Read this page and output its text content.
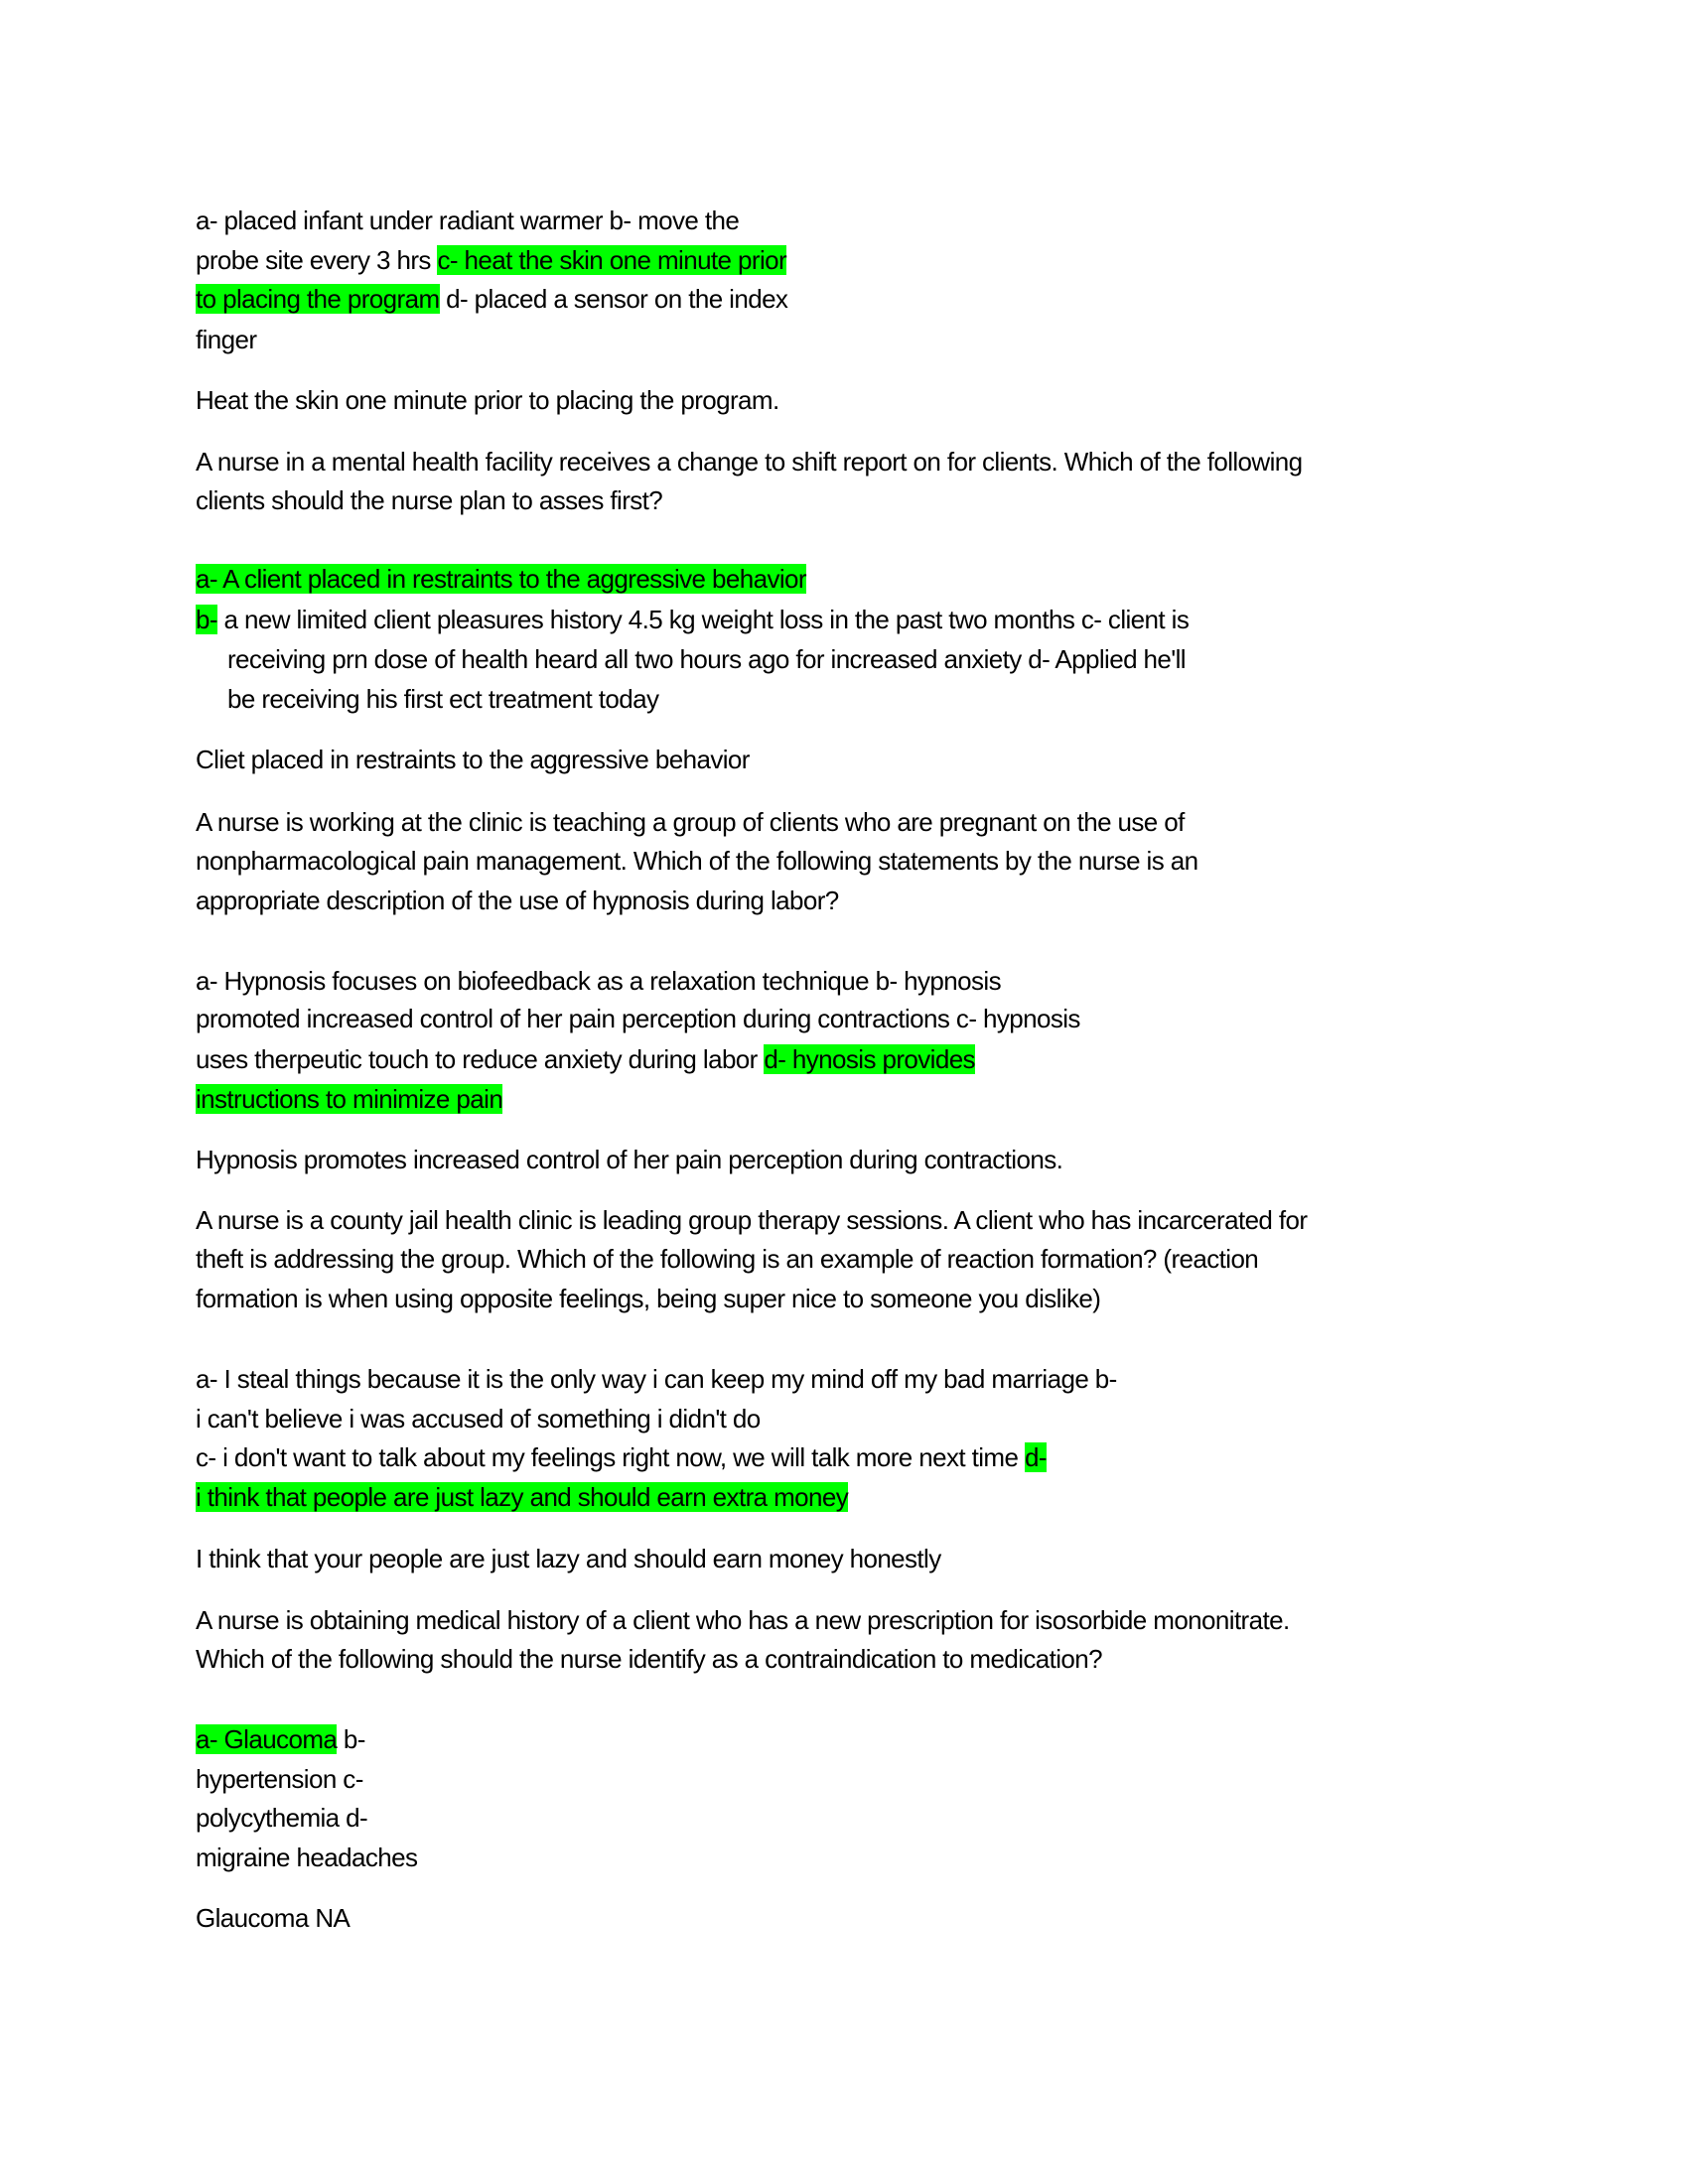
a- placed infant under radiant warmer b- move the
probe site every 3 hrs c- heat the skin one minute prior
to placing the program d- placed a sensor on the index
finger
Heat the skin one minute prior to placing the program.
A nurse in a mental health facility receives a change to shift report on for clients. Which of the following
clients should the nurse plan to asses first?
a- A client placed in restraints to the aggressive behavior
b- a new limited client pleasures history 4.5 kg weight loss in the past two months c- client is
receiving prn dose of health heard all two hours ago for increased anxiety d- Applied he'll
be receiving his first ect treatment today
Cliet placed in restraints to the aggressive behavior
A nurse is working at the clinic is teaching a group of clients who are pregnant on the use of
nonpharmacological pain management. Which of the following statements by the nurse is an
appropriate description of the use of hypnosis during labor?
a- Hypnosis focuses on biofeedback as a relaxation technique b- hypnosis
promoted increased control of her pain perception during contractions c- hypnosis
uses therpeutic touch to reduce anxiety during labor d- hynosis provides
instructions to minimize pain
Hypnosis promotes increased control of her pain perception during contractions.
A nurse is a county jail health clinic is leading group therapy sessions. A client who has incarcerated for
theft is addressing the group. Which of the following is an example of reaction formation? (reaction
formation is when using opposite feelings, being super nice to someone you dislike)
a- I steal things because it is the only way i can keep my mind off my bad marriage b-
i can't believe i was accused of something i didn't do
c- i don't want to talk about my feelings right now, we will talk more next time d-
i think that people are just lazy and should earn extra money
I think that your people are just lazy and should earn money honestly
A nurse is obtaining medical history of a client who has a new prescription for isosorbide mononitrate.
Which of the following should the nurse identify as a contraindication to medication?
a- Glaucoma b-
hypertension c-
polycythemia d-
migraine headaches
Glaucoma NA
